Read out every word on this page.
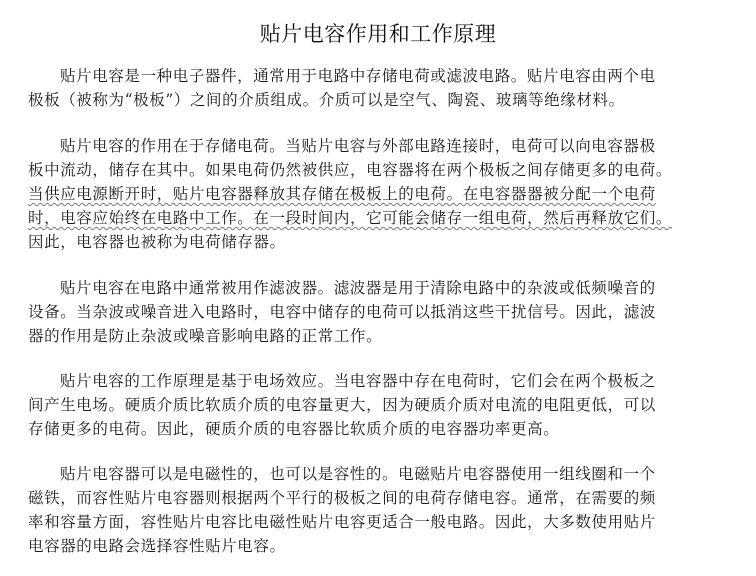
贴片电容作用和工作原理
贴片电容是一种电子器件，通常用于电路中存储电荷或滤波电路。贴片电容由两个电
极板（被称为“极板”）之间的介质组成。介质可以是空气、陶瓷、玻璃等绝缘材料。
贴片电容的作用在于存储电荷。当贴片电容与外部电路连接时，电荷可以向电容器极
板中流动，储存在其中。如果电荷仍然被供应，电容器将在两个极板之间存储更多的电荷。
当供应电源断开时，贴片电容器释放其存储在极板上的电荷。在电容器器被分配一个电荷
时，电容应始终在电路中工作。在一段时间内，它可能会储存一组电荷，然后再释放它们。
因此，电容器也被称为电荷储存器。
贴片电容在电路中通常被用作滤波器。滤波器是用于清除电路中的杂波或低频噪音的
设备。当杂波或噪音进入电路时，电容中储存的电荷可以抵消这些干扰信号。因此，滤波
器的作用是防止杂波或噪音影响电路的正常工作。
贴片电容的工作原理是基于电场效应。当电容器中存在电荷时，它们会在两个极板之
间产生电场。硬质介质比软质介质的电容量更大，因为硬质介质对电流的电阻更低，可以
存储更多的电荷。因此，硬质介质的电容器比软质介质的电容器功率更高。
贴片电容器可以是电磁性的，也可以是容性的。电磁贴片电容器使用一组线圈和一个
磁铁，而容性贴片电容器则根据两个平行的极板之间的电荷存储电容。通常，在需要的频
率和容量方面，容性贴片电容比电磁性贴片电容更适合一般电路。因此，大多数使用贴片
电容器的电路会选择容性贴片电容。
